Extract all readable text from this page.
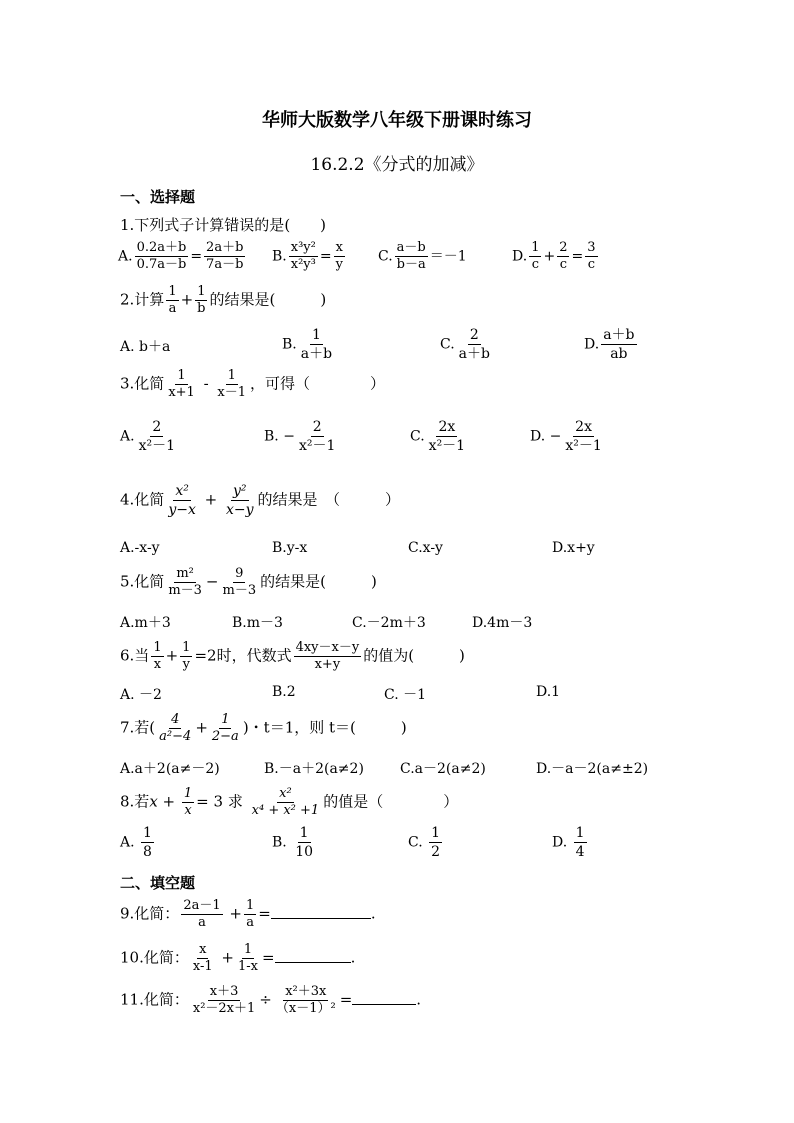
华师大版数学八年级下册课时练习
16.2.2《分式的加减》
一、选择题
1.下列式子计算错误的是(　　)
A. $\frac{0.2a+b}{0.7a-b} = \frac{2a+b}{7a-b} B$. $\frac{\text{x³y²}}{\text{x²y³}} = \frac{x}{y} C$. $\frac{a-b}{b-a} =-1$	D. $\frac{1}{c} + \frac{2}{c} = \frac{3}{c}$
2.计算 $\frac{1}{a} + \frac{1}{b}$ 的结果是(　　　)
A. b＋a	B. $\frac{1}{a+b}$	C. $\frac{2}{a+b}$	D. $\frac{a+b}{ab}$
3.化简 $\frac{1}{x+1} - \frac{1}{x-1}$ ，可得（　　　　）
A. $\frac{2}{\text{x²－1}}$	B. − $\frac{2}{\text{x²－1}}$	C. $\frac{2x}{\text{x²－1}}$	D. − $\frac{2x}{\text{x²－1}}$
4.化简 $\frac{\text{x²}}{y-x} + \frac{\text{y²}}{x-y}$ 的结果是　（　　　）
A.-x-y	B.y-x	C.x-y	D.x+y
5.化简 $\frac{\text{m²}}{m-3} - \frac{9}{m-3}$ 的结果是(　　　)
A.m＋3	B.m－3	C.－2m＋3	D.4m－3
6.当 $\frac{1}{x} + \frac{1}{y} =2$时，代数式 $\frac{4xy-x-y}{x+y}$ 的值为(　　　)
A. －2	B.2	C. －1	D.1
7.若( $\frac{4}{\text{a²−4}} + \frac{1}{2-a}$ )・t＝1，则 t＝(　　　)
A.a＋2(a≠－2)	B.－a＋2(a≠2)	C.a－2(a≠2)	D.－a－2(a≠±2)
8.若$x + \frac{1}{x} = 3$ 求 $\frac{\text{x²}}{\text{x⁴ + x² +1}}$ 的值是（　　　　）
A. $\frac{1}{8}$	B. $\frac{1}{10}$	C. $\frac{1}{2}$	D. $\frac{1}{4}$
二、填空题
9.化简： $\frac{2a-1}{a} + \frac{1}{a}$ =	.
10.化简： $\frac{x}{x-1} + \frac{1}{1-x}$ =	.
11.化简： $\frac{x+3}{\text{x²－2x＋1}} \div \frac{\text{x²＋3x}}{\text{（x－1）²}}$ =	.
